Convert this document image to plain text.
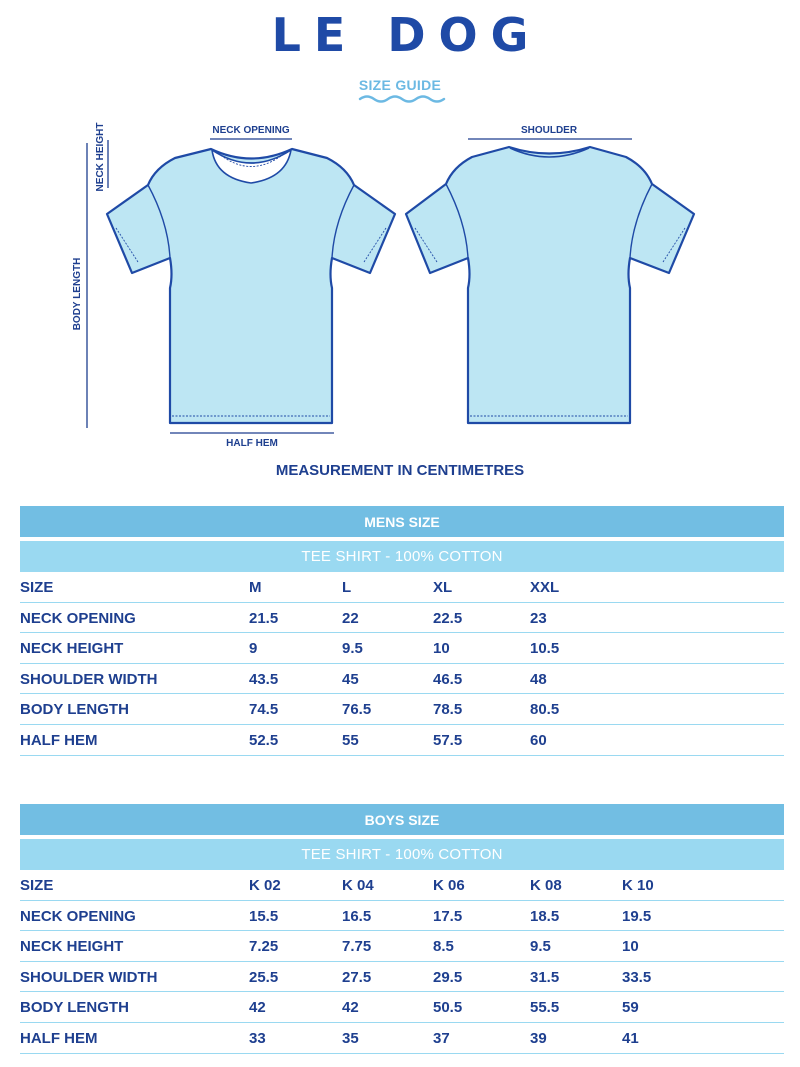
LE DOG
SIZE GUIDE
NECK OPENING	SHOULDER
NECK HEIGHT
BODY LENGTH
HALF HEM
MEASUREMENT IN CENTIMETRES
MENS SIZE
TEE SHIRT - 100% COTTON
SIZE	M	L	XL	XXL
NECK OPENING	21.5	22	22.5	23
NECK HEIGHT	9	9.5	10	10.5
SHOULDER WIDTH	43.5	45	46.5	48
BODY LENGTH	74.5	76.5	78.5	80.5
HALF HEM	52.5	55	57.5	60
BOYS SIZE
TEE SHIRT - 100% COTTON
SIZE	K 02	K 04	K 06	K 08	K 10
NECK OPENING	15.5	16.5	17.5	18.5	19.5
NECK HEIGHT	7.25	7.75	8.5	9.5	10
SHOULDER WIDTH	25.5	27.5	29.5	31.5	33.5
BODY LENGTH	42	42	50.5	55.5	59
HALF HEM	33	35	37	39	41
